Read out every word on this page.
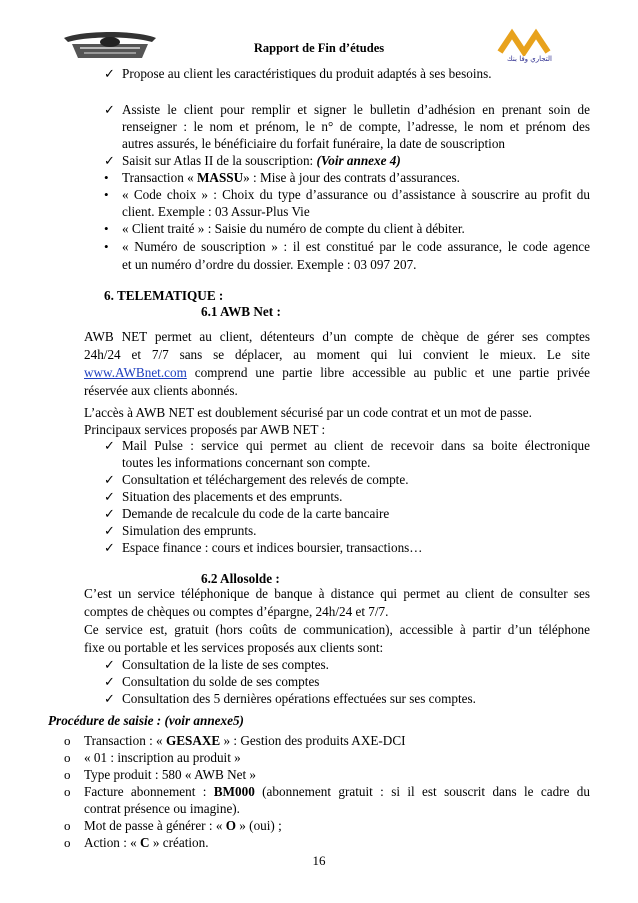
Rapport de Fin d’études
التجاري وفا بنك
✓ Propose au client les caractéristiques du produit adaptés à ses besoins.
✓ Assiste le client pour remplir et signer le bulletin d’adhésion en prenant soin de
renseigner : le nom et prénom, le n° de compte, l’adresse, le nom et prénom des
autres assurés, le bénéficiaire du forfait funéraire, la date de souscription
✓ Saisit sur Atlas II de la souscription: (Voir annexe 4)
• Transaction « MASSU» : Mise à jour des contrats d’assurances.
• « Code choix » : Choix du type d’assurance ou d’assistance à souscrire au profit du
client. Exemple : 03 Assur-Plus Vie
• « Client traité » : Saisie du numéro de compte du client à débiter.
• « Numéro de souscription » : il est constitué par le code assurance, le code agence
et un numéro d’ordre du dossier. Exemple : 03 097 207.
6. TELEMATIQUE :
6.1 AWB Net :
AWB NET permet au client, détenteurs d’un compte de chèque de gérer ses comptes
24h/24 et 7/7 sans se déplacer, au moment qui lui convient le mieux. Le site
www.AWBnet.com comprend une partie libre accessible au public et une partie privée
réservée aux clients abonnés.
L’accès à AWB NET est doublement sécurisé par un code contrat et un mot de passe.
Principaux services proposés par AWB NET :
✓ Mail Pulse : service qui permet au client de recevoir dans sa boite électronique
toutes les informations concernant son compte.
✓ Consultation et téléchargement des relevés de compte.
✓ Situation des placements et des emprunts.
✓ Demande de recalcule du code de la carte bancaire
✓ Simulation des emprunts.
✓ Espace finance : cours et indices boursier, transactions…
6.2 Allosolde :
C’est un service téléphonique de banque à distance qui permet au client de consulter ses
comptes de chèques ou comptes d’épargne, 24h/24 et 7/7.
Ce service est, gratuit (hors coûts de communication), accessible à partir d’un téléphone
fixe ou portable et les services proposés aux clients sont:
✓ Consultation de la liste de ses comptes.
✓ Consultation du solde de ses comptes
✓ Consultation des 5 dernières opérations effectuées sur ses comptes.
Procédure de saisie : (voir annexe5)
o Transaction : « GESAXE » : Gestion des produits AXE-DCI
o « 01 : inscription au produit »
o Type produit : 580 « AWB Net »
o Facture abonnement : BM000 (abonnement gratuit : si il est souscrit dans le cadre du
contrat présence ou imagine).
o Mot de passe à générer : « O » (oui) ;
o Action : « C » création.
16
